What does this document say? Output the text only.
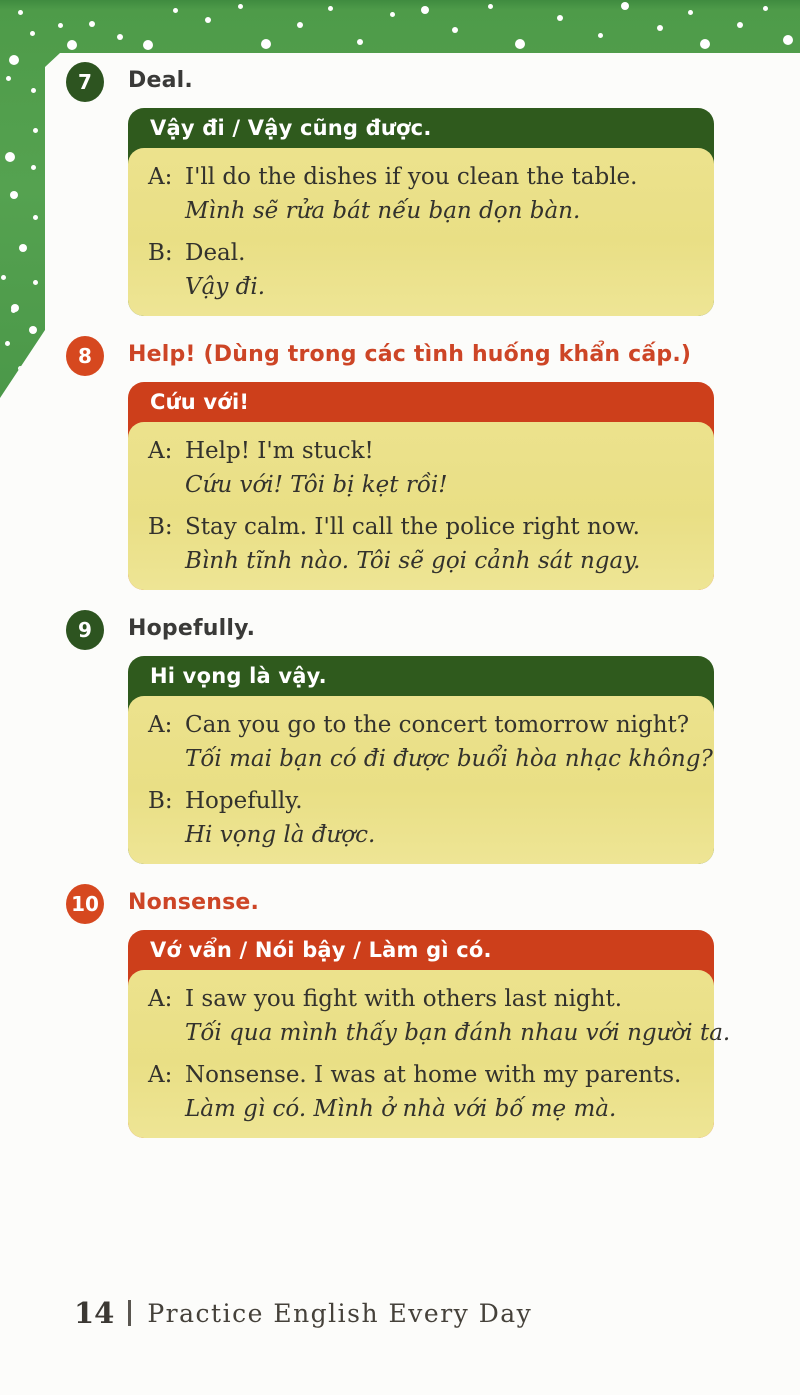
7	Deal.
Vậy đi / Vậy cũng được.
A: I'll do the dishes if you clean the table.
Mình sẽ rửa bát nếu bạn dọn bàn.
B: Deal.
Vậy đi.
8	Help! (Dùng trong các tình huống khẩn cấp.)
Cứu với!
A: Help! I'm stuck!
Cứu với! Tôi bị kẹt rồi!
B: Stay calm. I'll call the police right now.
Bình tĩnh nào. Tôi sẽ gọi cảnh sát ngay.
9	Hopefully.
Hi vọng là vậy.
A: Can you go to the concert tomorrow night?
Tối mai bạn có đi được buổi hòa nhạc không?
B: Hopefully.
Hi vọng là được.
10 Nonsense.
Vớ vẩn / Nói bậy / Làm gì có.
A: I saw you fight with others last night.
Tối qua mình thấy bạn đánh nhau với người ta.
A: Nonsense. I was at home with my parents.
Làm gì có. Mình ở nhà với bố mẹ mà.
14 Practice English Every Day
